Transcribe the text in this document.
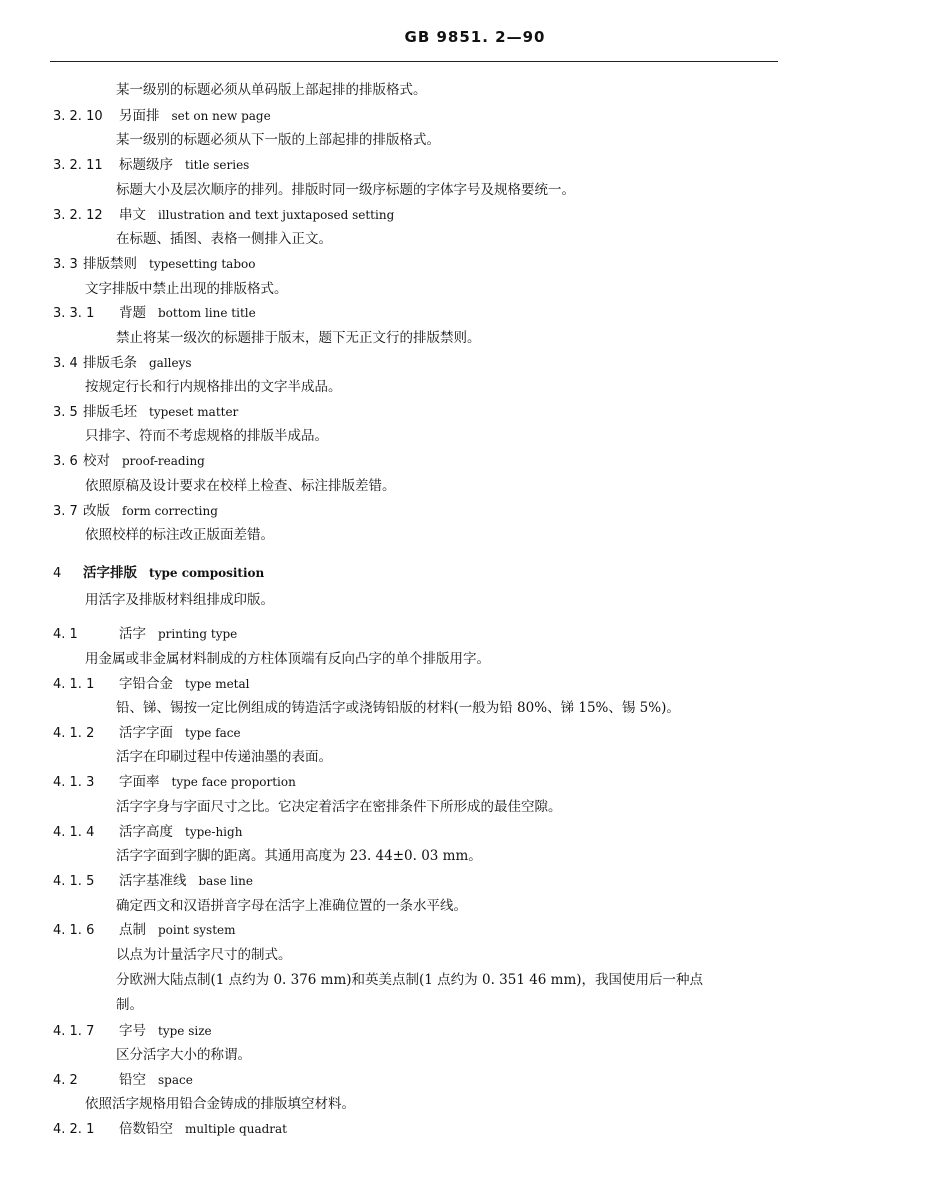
GB 9851. 2—90
某一级别的标题必须从单码版上部起排的排版格式。
3. 2. 10 另面排 set on new page
某一级别的标题必须从下一版的上部起排的排版格式。
3. 2. 11 标题级序 title series
标题大小及层次顺序的排列。排版时同一级序标题的字体字号及规格要统一。
3. 2. 12 串文 illustration and text juxtaposed setting
在标题、插图、表格一侧排入正文。
3. 3 排版禁则 typesetting taboo
文字排版中禁止出现的排版格式。
3. 3. 1 背题 bottom line title
禁止将某一级次的标题排于版末，题下无正文行的排版禁则。
3. 4 排版毛条 galleys
按规定行长和行内规格排出的文字半成品。
3. 5 排版毛坯 typeset matter
只排字、符而不考虑规格的排版半成品。
3. 6 校对 proof-reading
依照原稿及设计要求在校样上检查、标注排版差错。
3. 7 改版 form correcting
依照校样的标注改正版面差错。
4 活字排版 type composition
用活字及排版材料组排成印版。
4. 1	活字 printing type
用金属或非金属材料制成的方柱体顶端有反向凸字的单个排版用字。
4. 1. 1 字铅合金 type metal
铅、锑、锡按一定比例组成的铸造活字或浇铸铅版的材料(一般为铅 80%、锑 15%、锡 5%)。
4. 1. 2 活字字面 type face
活字在印刷过程中传递油墨的表面。
4. 1. 3 字面率 type face proportion
活字字身与字面尺寸之比。它决定着活字在密排条件下所形成的最佳空隙。
4. 1. 4 活字高度 type-high
活字字面到字脚的距离。其通用高度为 23. 44±0. 03 mm。
4. 1. 5 活字基准线 base line
确定西文和汉语拼音字母在活字上准确位置的一条水平线。
4. 1. 6 点制 point system
以点为计量活字尺寸的制式。
分欧洲大陆点制(1 点约为 0. 376 mm)和英美点制(1 点约为 0. 351 46 mm)，我国使用后一种点
制。
4. 1. 7 字号 type size
区分活字大小的称谓。
4. 2	铅空 space
依照活字规格用铅合金铸成的排版填空材料。
4. 2. 1 倍数铅空 multiple quadrat
